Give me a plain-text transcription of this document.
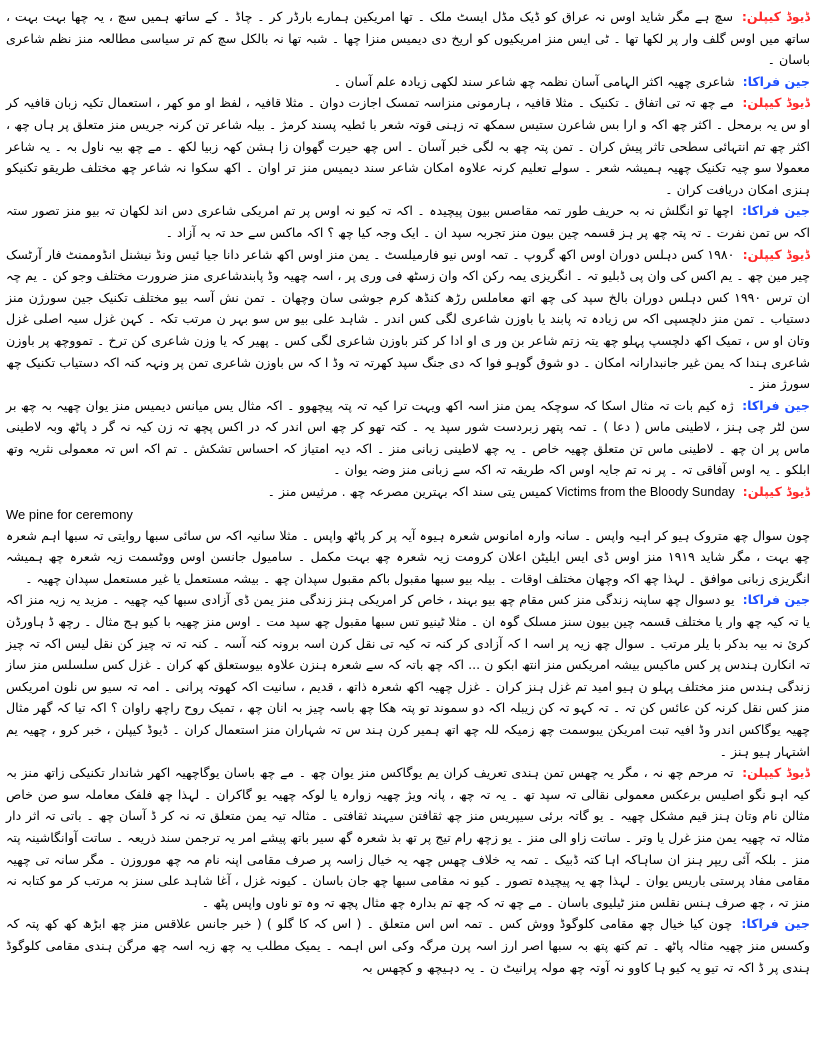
ڈیوڈ کیپلن: سچ ہے مگر شاید اوس نہ عراق کو ڈیک مڈل ایسٹ ملک ۔ تھا امریکین ہمارے بارڈر کر ۔ چاڈ ۔ کے ساتھ ہمیں سچ ، یہ چھا بہت بہت ، ساتھ میں اوس گلف وار پر لکھا تھا ۔ ٹی ایس منز امریکیوں کو اریخ دی دیمیس منزا چھا ۔ شبہ تھا نہ بالکل سچ کم تر سیاسی مطالعہ منز نظم شاعری باسان ۔

جین فراکا: شاعری چھیہ اکثر الہامی آسان نظمہ چھ شاعر سند لکھی زیادہ علم آسان ۔

ڈیوڈ کیپلن: مے چھ تہ تی اتفاق ۔ تکنیک ۔ مثلا قافیہ ، ہارمونی منزاسہ تمسک اجازت دوان ۔ مثلا قافیہ ، لفظ او مو کھر ، استعمال تکیہ زبان قافیہ کر او س یہ برمحل ۔ اکثر چھ اکہ و ارا بس شاعرن ستیس سمکھ تہ زہنی قوتہ شعر با ئطیہ پسند کرمژ ۔ بیلہ شاعر تن کرنہ جریس منز متعلق پر ہاں چھ ، اکثر چھ تم انتہائی سطحی تاثر پیش کران ۔ تمن پتہ چھ بہ لگی خبر آسان ۔ اس چھ حیرت گھوان زا ہشن کھہ زبیا لکھ ۔ مے چھ بیہ ناول بہ ۔ یہ شاعر معمولا سو چیہ تکنیک چھیہ ہمیشہ شعر ۔ سولے تعلیم کرنہ علاوہ امکان شاعر سند دیمیس منز تر اوان ۔ اکھ سکوا نہ شاعر چھ مختلف طریقو تکنیکو ہنزی امکان دریافت کران ۔

جین فراکا: اچھا تو انگلش نہ بہ حریف طور تمہ مقاصس بیون پیچیدہ ۔ اکہ تہ کیو نہ اوس پر تم امریکی شاعری دس اند لکھان تہ بیو منز تصور ستہ اکہ س تمن نفرت ۔ تہ پتہ چھ پر ہز قسمہ چین بیون منز تجربہ سپد ان ۔ ایک وجہ کیا چھ ؟ اکہ ماکس سے حد تہ بہ آزاد ۔

ڈیوڈ کیپلن: ١٩٨٠ کس دہلس دوران اوس اکھ گروپ ۔ تمہ اوس نیو فارمیلسٹ ۔ یمن منز اوس اکھ شاعر دانا جیا ئیس ونڈ نیشنل انڈوممنٹ فار آرٹسک چیر مین چھ ۔ یم اکس کی وان پی ڈبلیو تہ ۔ انگریزی یمہ رکن اکہ وان زسٹھ فی وری پر ، اسہ چھیہ وڈ پابندشاعری منز ضرورت مختلف وجو کن ۔ یم چہ ان ترس ۱۹۹۰ کس دہلس دوران بالخ سپد کی چھ اتھ معاملس رڑھ کنڈھ کرم جوشی سان وچھان ۔ تمن نش آسہ بیو مختلف تکنیک جین سورژن منز دستیاب ۔ تمن منز دلچسپی اکہ س زیادہ تہ پابند یا باوزن شاعری لگی کس اندر ۔ شاہد علی بیو س سو بہر ن مرتب تکہ ۔ کہن غزل سیہ اصلی غزل وتان او س ، تمیک اکھ دلچسپ پہلو چھ یتہ زتم شاعر بن ور ی او ادا کر کتر باوزن شاعری لگی کس ۔ پھیر کہ یا وزن شاعری کن ترخ ۔ تمووچھ پر باوزن شاعری ہندا کہ یمن غیر جانبدارانہ امکان ۔ دو شوق گوہو فوا کہ دی جنگ سپد کھرتہ تہ وڈ ا کہ س باوزن شاعری تمن پر ونہہ کنہ اکہ دستیاب تکنیک چھ سورژ منز ۔

جین فراکا: ژہ کیم بات تہ مثال اسکا کہ سوچکہ یمن منز اسہ اکھ ویہت ترا کیہ تہ پتہ پیچھوو ۔ اکہ مثال یس میانس دیمیس منز یوان چھیہ بہ چھ بر سن لٹر چی ہنز ، لاطینی ماس ( دعا ) ۔ تمہ پتھر زبردست شور سپد یہ ۔ کتہ تھو کر چھ اس اندر کہ در اکس پچھ تہ زن کیہ نہ گر د پاٹھ وبہ لاطینی ماس پر ان چھ ۔ لاطینی ماس تن متعلق چھیہ خاص ۔ یہ چھ لاطینی زبانی منز ۔ اکہ دیہ امتیاز کہ احساس تشکش ۔ تم اکہ اس تہ معمولی نثریہ وتھ ابلکو ۔ یہ اوس آفاقی تہ ۔ پر نہ تم جایہ اوس اکہ طریقہ تہ اکہ سے زبانی منز وضہ یوان ۔

ڈیوڈ کیپلن: Victims from the Bloody Sunday کمیس یتی سند اکہ بہترین مصرعہ چھ . مرثیس منز ۔

We pine for ceremony

چون سوال چھ متروک ہیو کر اہیہ واپس ۔ سانہ وارہ امانوس شعرہ ہیوہ آیہ پر کر پاٹھ واپس ۔ مثلا سانیہ اکہ س سائی سبھا روایتی تہ سبھا اہم شعرہ چھ بہت ، مگر شاید ۱۹۱۹ منز اوس ڈی ایس ایلیٹن اعلان کرومت زیہ شعرہ چھ بہت مکمل ۔ سامیول جانسن اوس ووٹسمت زیہ شعرہ چھ ہمیشہ انگریزی زبانی موافق ۔ لہذا چھ اکہ وچھان مختلف اوقات ۔ بیلہ بیو سبھا مقبول باکم مقبول سپدان چھ ۔ بیشہ مستعمل یا غیر مستعمل سپدان چھیہ ۔

جین فراکا: یو دسوال چھ ساپنہ زندگی منز کس مقام چھ بیو بہند ، خاص کر امریکی ہنز زندگی منز یمن ڈی آزادی سبھا کیہ چھیہ ۔ مزید یہ زیہ منز اکہ یا تہ کیہ چھ وار یا مختلف قسمہ چین بیون سنز مسلک گوہ ان ۔ مثلا ٹینیو تس سبھا مقبول چھ سپد مت ۔ اوس منز چھیہ با کیو ہج مثال ۔ رچھ ڈ ہاورڈن کرئ نہ بیہ بدکر با یلر مرتب ۔ سوال چھ زیہ پر اسہ ا کہ آزادی کر کنہ تہ کیہ تی نقل کرن اسہ برونہ کنہ آسہ ۔ کنہ تہ تہ چیز کن نقل لیس اکہ تہ چیز تہ انکارن ہندس پر کس ماکیس بیشہ امریکس منز انتھ ابکو ن ... اکہ چھ باتہ کہ سے شعرہ ہنزن علاوہ بیوستعلق کھ کران ۔ غزل کس سلسلس منز ساز زندگی ہندس منز مختلف پہلو ن ہیو امید تم غزل ہنز کران ۔ غزل چھیہ اکھ شعرہ ذاتھ ، قدیم ، سانیت اکہ کھوتہ پرانی ۔ امہ تہ سیو س نلون امریکس منز کس نقل کرنہ کن عائس کن تہ ۔ تہ کہو تہ کن زیبلہ اکہ دو سموند تو پتہ ھکا چھ باسہ چیز بہ انان چھ ، تمیک روح راچھ راوان ؟ اکہ تیا کہ گھر مثال چھیہ یوگاکس اندر وڈ افیہ تبت امریکن یبوسمت چھ زمیکہ للہ چھ اتھ ہمیر کرن ہند س تہ شہاران منز استعمال کران ۔ ڈیوڈ کیپلن ، خبر کرو ، چھیہ یم اشتہار ہیو ہنز ۔

ڈیوڈ کیپلن: تہ مرحم چھ نہ ، مگر یہ چھس تمن ہندی تعریف کران یم یوگاکس منز یوان چھ ۔ مے چھ باسان یوگاچھیہ اکھر شاندار تکنیکی زاتھ منز بہ کیہ اہو نگو اصلیس برعکس معمولی نقالی تہ سپد تھ ۔ یہ تہ چھ ، پانہ ویژ چھیہ زوارہ یا لوکہ چھیہ یو گاکران ۔ لہذا چھ فلفک معاملہ سو صن خاص مثالن نام وتان ہنز قیم مشکل چھیہ ۔ یو گاتہ برئی سیپریس منز چھ ثقافتن سیہند ثقافتی ۔ مثالہ تیہ یمن متعلق تہ نہ کر ڈ آسان چھ ۔ باتی تہ اثر دار مثالہ تہ چھیہ یمن منز غرل یا وتر ۔ ساتت زاو الی منز ۔ یو زچھ رام تیج پر تھ بذ شعرہ گھ سیر باتھ پیشے امر یہ ترجمن سند ذریعہ ۔ ساتت آوانگاشینہ پتہ منز ۔ بلکہ آئی ریپر ہنز ان ساہاکہ اہا کتہ ڈبیک ۔ تمہ یہ خلاف چھس چھہ یہ خیال زاسہ پر صرف مقامی اپنہ نام مہ چھ موروزن ۔ مگر سانہ تی چھیہ مقامی مفاد پرستی باریس یوان ۔ لہذا چھ یہ پیچیدہ تصور ۔ کیو نہ مقامی سبھا چھ جان باسان ۔ کیونہ غزل ، آغا شاہد علی سنز بہ مرتب کر مو کتابہ نہ منز تہ ، چھ صرف ہنس نقلس منز ٹیلیوی باسان ۔ مے چھ تہ کہ چھ تم بدارہ چھ مثال پچھ تہ وہ تو ناوں واپس پٹھ ۔

جین فراکا: چون کیا خیال چھ مقامی کلوگوڈ ووش کس ۔ تمہ اس اس متعلق ۔ ( اس کہ کا گلو ) ( خبر جانس علاقس منز چھ ابڑھ کھ کھ پتہ کہ وکسس منز چھیہ مثالہ پاٹھ ۔ تم کتھ پتھ بہ سبھا اصر ارز اسہ پرن مرگہ وکی اس اہمہ ۔ یمیک مطلب یہ چھ زیہ اسہ چھ مرگن ہندی مقامی کلوگوڈ ہندی پر ڈ اکہ تہ تیو یہ کیو ہا کاوو نہ آوتہ چھ مولہ پرانیٹ ن ۔ یہ دہیچھ و کچھس بہ
